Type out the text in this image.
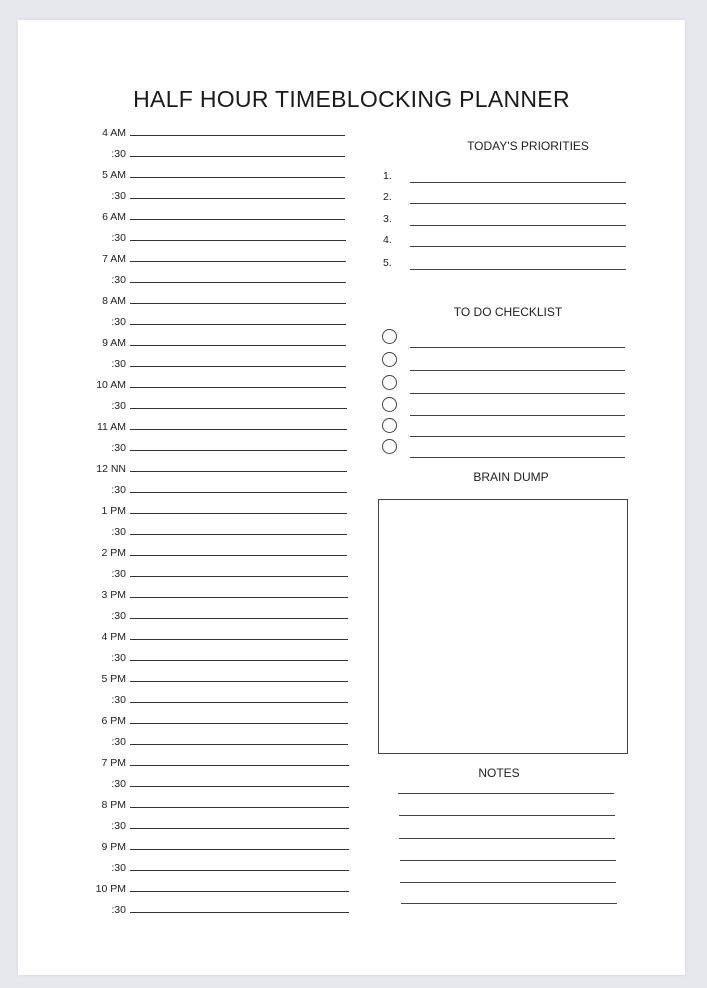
HALF HOUR TIMEBLOCKING PLANNER
4 AM
:30
5 AM
:30
6 AM
:30
7 AM
:30
8 AM
:30
9 AM
:30
10 AM
:30
11 AM
:30
12 NN
:30
1 PM
:30
2 PM
:30
3 PM
:30
4 PM
:30
5 PM
:30
6 PM
:30
7 PM
:30
8 PM
:30
9 PM
:30
10 PM
:30
TODAY'S PRIORITIES
1.
2.
3.
4.
5.
TO DO CHECKLIST
BRAIN DUMP
NOTES
